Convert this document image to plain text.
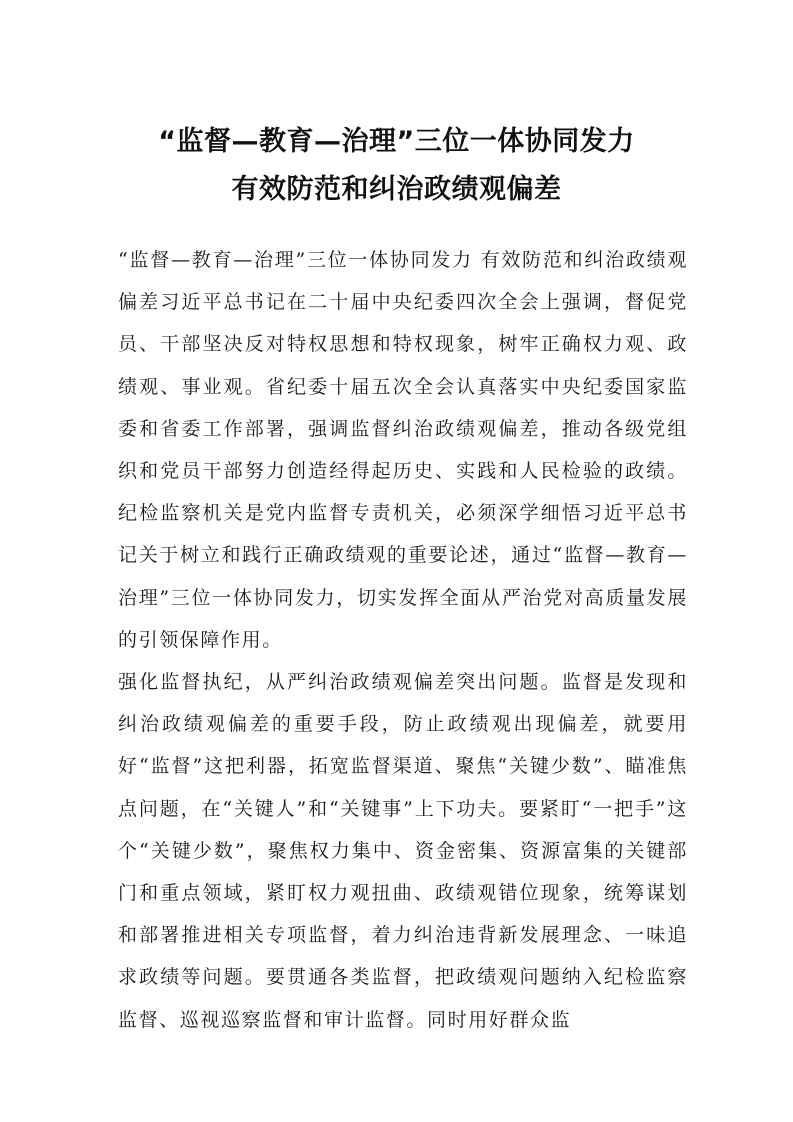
“监督—教育—治理”三位一体协同发力
有效防范和纠治政绩观偏差

“监督—教育—治理”三位一体协同发力 有效防范和纠治政绩观偏差习近平总书记在二十届中央纪委四次全会上强调，督促党员、干部坚决反对特权思想和特权现象，树牢正确权力观、政绩观、事业观。省纪委十届五次全会认真落实中央纪委国家监委和省委工作部署，强调监督纠治政绩观偏差，推动各级党组织和党员干部努力创造经得起历史、实践和人民检验的政绩。纪检监察机关是党内监督专责机关，必须深学细悟习近平总书记关于树立和践行正确政绩观的重要论述，通过“监督—教育—治理”三位一体协同发力，切实发挥全面从严治党对高质量发展的引领保障作用。

强化监督执纪，从严纠治政绩观偏差突出问题。监督是发现和纠治政绩观偏差的重要手段，防止政绩观出现偏差，就要用好“监督”这把利器，拓宽监督渠道、聚焦“关键少数”、瞄准焦点问题，在“关键人”和“关键事”上下功夫。要紧盯“一把手”这个“关键少数”，聚焦权力集中、资金密集、资源富集的关键部门和重点领域，紧盯权力观扭曲、政绩观错位现象，统筹谋划和部署推进相关专项监督，着力纠治违背新发展理念、一味追求政绩等问题。要贯通各类监督，把政绩观问题纳入纪检监察监督、巡视巡察监督和审计监督。同时用好群众监
